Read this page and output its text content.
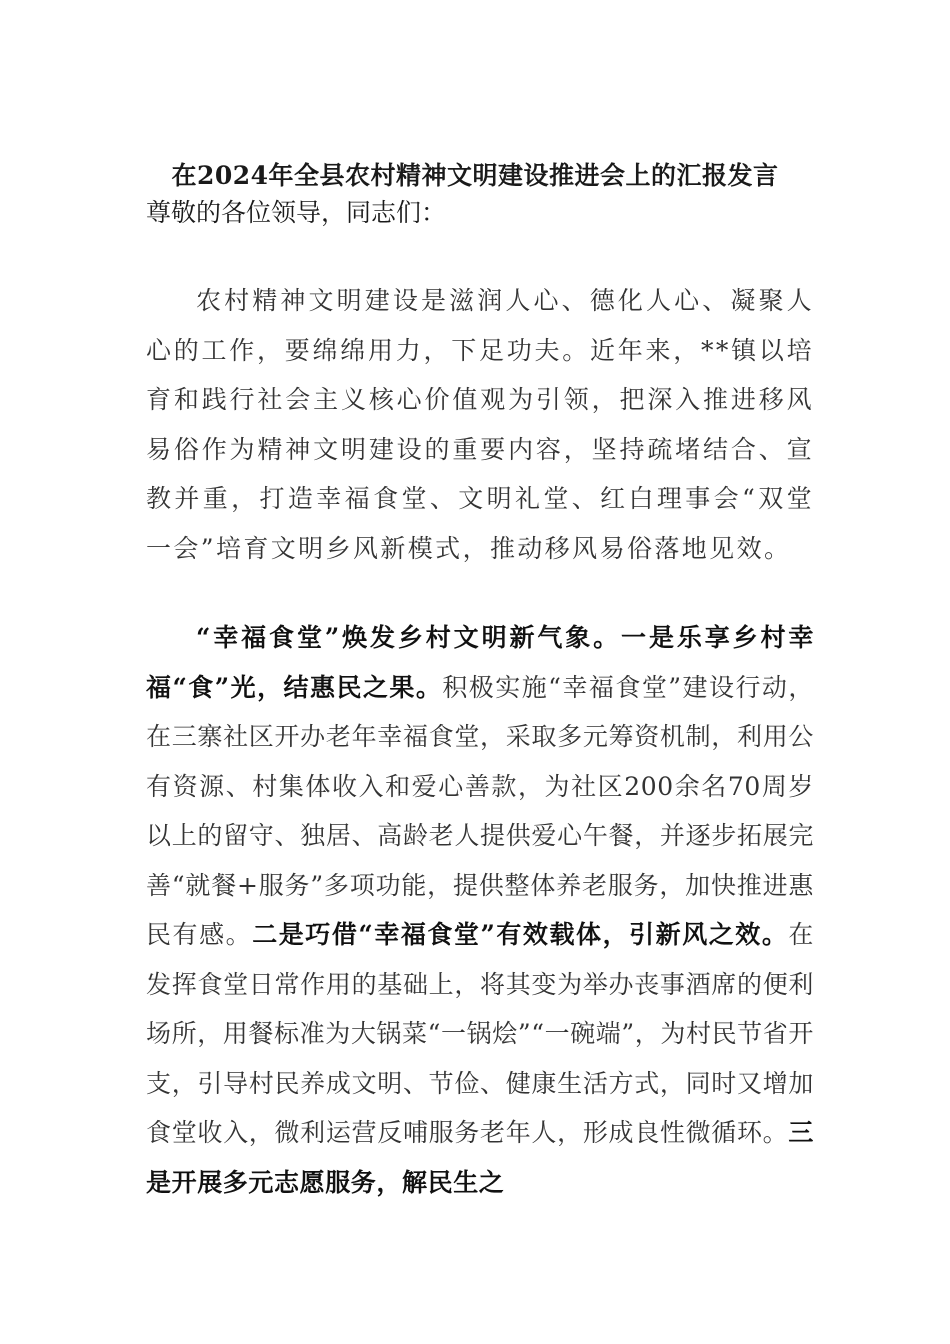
在2024年全县农村精神文明建设推进会上的汇报发言

尊敬的各位领导，同志们：

农村精神文明建设是滋润人心、德化人心、凝聚人心的工作，要绵绵用力，下足功夫。近年来，**镇以培育和践行社会主义核心价值观为引领，把深入推进移风易俗作为精神文明建设的重要内容，坚持疏堵结合、宣教并重，打造幸福食堂、文明礼堂、红白理事会“双堂一会”培育文明乡风新模式，推动移风易俗落地见效。

“幸福食堂”焕发乡村文明新气象。一是乐享乡村幸福“食”光，结惠民之果。积极实施“幸福食堂”建设行动，在三寨社区开办老年幸福食堂，采取多元筹资机制，利用公有资源、村集体收入和爱心善款，为社区200余名70周岁以上的留守、独居、高龄老人提供爱心午餐，并逐步拓展完善“就餐+服务”多项功能，提供整体养老服务，加快推进惠民有感。二是巧借“幸福食堂”有效载体，引新风之效。在发挥食堂日常作用的基础上，将其变为举办丧事酒席的便利场所，用餐标准为大锅菜“一锅烩”“一碗端”，为村民节省开支，引导村民养成文明、节俭、健康生活方式，同时又增加食堂收入，微利运营反哺服务老年人，形成良性微循环。三是开展多元志愿服务，解民生之
